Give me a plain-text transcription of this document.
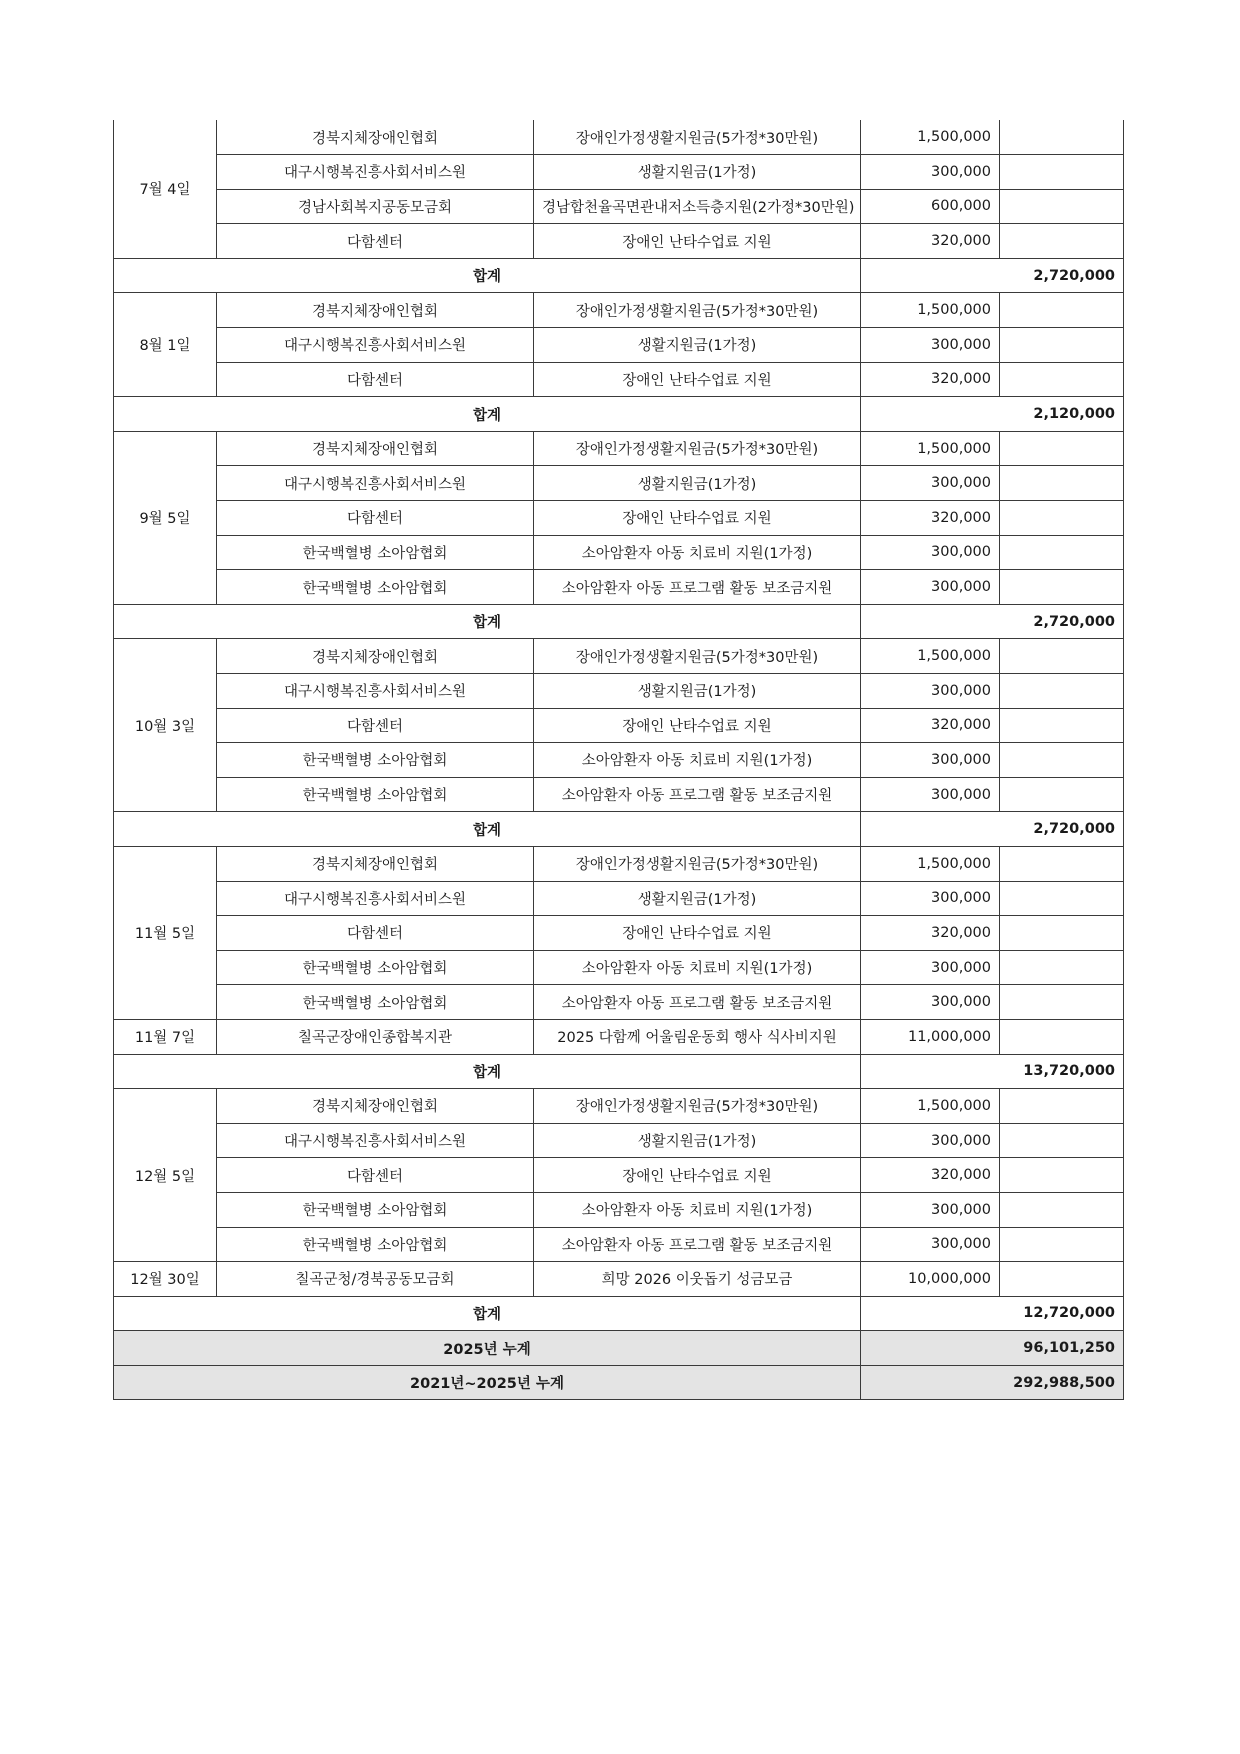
7월 4일	경북지체장애인협회	장애인가정생활지원금(5가정*30만원)	1,500,000	
	대구시행복진흥사회서비스원	생활지원금(1가정)	300,000	
	경남사회복지공동모금회	경남합천율곡면관내저소득층지원(2가정*30만원)	600,000	
	다함센터	장애인 난타수업료 지원	320,000	
합계			2,720,000	
8월 1일	경북지체장애인협회	장애인가정생활지원금(5가정*30만원)	1,500,000	
	대구시행복진흥사회서비스원	생활지원금(1가정)	300,000	
	다함센터	장애인 난타수업료 지원	320,000	
합계			2,120,000	
9월 5일	경북지체장애인협회	장애인가정생활지원금(5가정*30만원)	1,500,000	
	대구시행복진흥사회서비스원	생활지원금(1가정)	300,000	
	다함센터	장애인 난타수업료 지원	320,000	
	한국백혈병 소아암협회	소아암환자 아동 치료비 지원(1가정)	300,000	
	한국백혈병 소아암협회	소아암환자 아동 프로그램 활동 보조금지원	300,000	
합계			2,720,000	
10월 3일	경북지체장애인협회	장애인가정생활지원금(5가정*30만원)	1,500,000	
	대구시행복진흥사회서비스원	생활지원금(1가정)	300,000	
	다함센터	장애인 난타수업료 지원	320,000	
	한국백혈병 소아암협회	소아암환자 아동 치료비 지원(1가정)	300,000	
	한국백혈병 소아암협회	소아암환자 아동 프로그램 활동 보조금지원	300,000	
합계			2,720,000	
11월 5일	경북지체장애인협회	장애인가정생활지원금(5가정*30만원)	1,500,000	
	대구시행복진흥사회서비스원	생활지원금(1가정)	300,000	
	다함센터	장애인 난타수업료 지원	320,000	
	한국백혈병 소아암협회	소아암환자 아동 치료비 지원(1가정)	300,000	
	한국백혈병 소아암협회	소아암환자 아동 프로그램 활동 보조금지원	300,000	
11월 7일	칠곡군장애인종합복지관	2025 다함께 어울림운동회 행사 식사비지원	11,000,000	
합계			13,720,000	
12월 5일	경북지체장애인협회	장애인가정생활지원금(5가정*30만원)	1,500,000	
	대구시행복진흥사회서비스원	생활지원금(1가정)	300,000	
	다함센터	장애인 난타수업료 지원	320,000	
	한국백혈병 소아암협회	소아암환자 아동 치료비 지원(1가정)	300,000	
	한국백혈병 소아암협회	소아암환자 아동 프로그램 활동 보조금지원	300,000	
12월 30일	칠곡군청/경북공동모금회	희망 2026 이웃돕기 성금모금	10,000,000	
합계			12,720,000	
2025년 누계			96,101,250	
2021년~2025년 누계			292,988,500	
